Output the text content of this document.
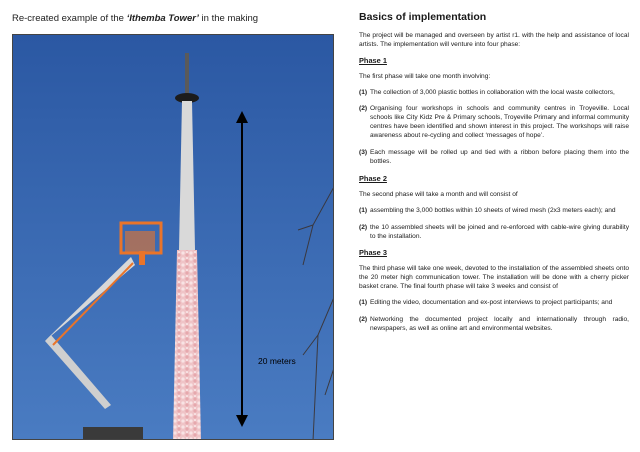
Re-created example of the ‘Ithemba Tower’ in the making
20 meters
Basics of implementation

The project will be managed and overseen by artist r1. with the help and assistance of local artists. The implementation will venture into four phase:

Phase 1

The first phase will take one month involving:

(1) The collection of 3,000 plastic bottles in collaboration with the local waste collectors,
(2) Organising four workshops in schools and community centres in Troyeville. Local schools like City Kidz Pre & Primary schools, Troyeville Primary and informal community centres have been identified and shown interest in this project. The workshops will raise awareness about re-cycling and collect ‘messages of hope’.
(3) Each message will be rolled up and tied with a ribbon before placing them into the bottles.
Phase 2

The second phase will take a month and will consist of

(1) assembling the 3,000 bottles within 10 sheets of wired mesh (2x3 meters each); and
(2) the 10 assembled sheets will be joined and re-enforced with cable-wire giving durability to the installation.
Phase 3

The third phase will take one week, devoted to the installation of the assembled sheets onto the 20 meter high communication tower. The installation will be done with a cherry picker basket crane. The final fourth phase will take 3 weeks and consist of

(1) Editing the video, documentation and ex-post interviews to project participants; and
(2) Networking the documented project locally and internationally through radio, newspapers, as well as online art and environmental websites.
